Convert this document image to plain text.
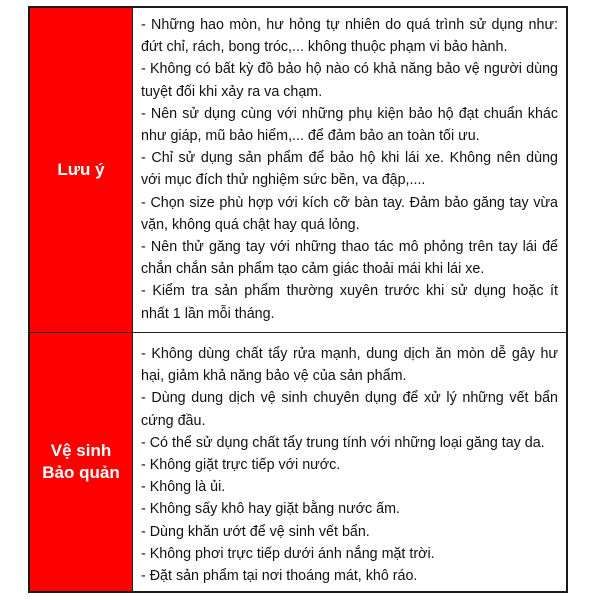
Lưu ý

- Những hao mòn, hư hỏng tự nhiên do quá trình sử dụng như: đứt chỉ, rách, bong tróc,... không thuộc phạm vi bảo hành.

- Không có bất kỳ đồ bảo hộ nào có khả năng bảo vệ người dùng tuyệt đối khi xảy ra va chạm.

- Nên sử dụng cùng với những phụ kiện bảo hộ đạt chuẩn khác như giáp, mũ bảo hiểm,... để đảm bảo an toàn tối ưu.

- Chỉ sử dụng sản phẩm để bảo hộ khi lái xe. Không nên dùng với mục đích thử nghiệm sức bền, va đập,....

- Chọn size phù hợp với kích cỡ bàn tay. Đảm bảo găng tay vừa vặn, không quá chật hay quá lỏng.

- Nên thử găng tay với những thao tác mô phỏng trên tay lái để chắn chắn sản phẩm tạo cảm giác thoải mái khi lái xe.

- Kiểm tra sản phẩm thường xuyên trước khi sử dụng hoặc ít nhất 1 lần mỗi tháng.

Vệ sinh
Bảo quản

- Không dùng chất tẩy rửa mạnh, dung dịch ăn mòn dễ gây hư hại, giảm khả năng bảo vệ của sản phẩm.

- Dùng dung dịch vệ sinh chuyên dụng để xử lý những vết bẩn cứng đầu.

- Có thể sử dụng chất tẩy trung tính với những loại găng tay da.

- Không giặt trực tiếp với nước.

- Không là ủi.

- Không sấy khô hay giặt bằng nước ấm.

- Dùng khăn ướt để vệ sinh vết bẩn.

- Không phơi trực tiếp dưới ánh nắng mặt trời.

- Đặt sản phẩm tại nơi thoáng mát, khô ráo.
